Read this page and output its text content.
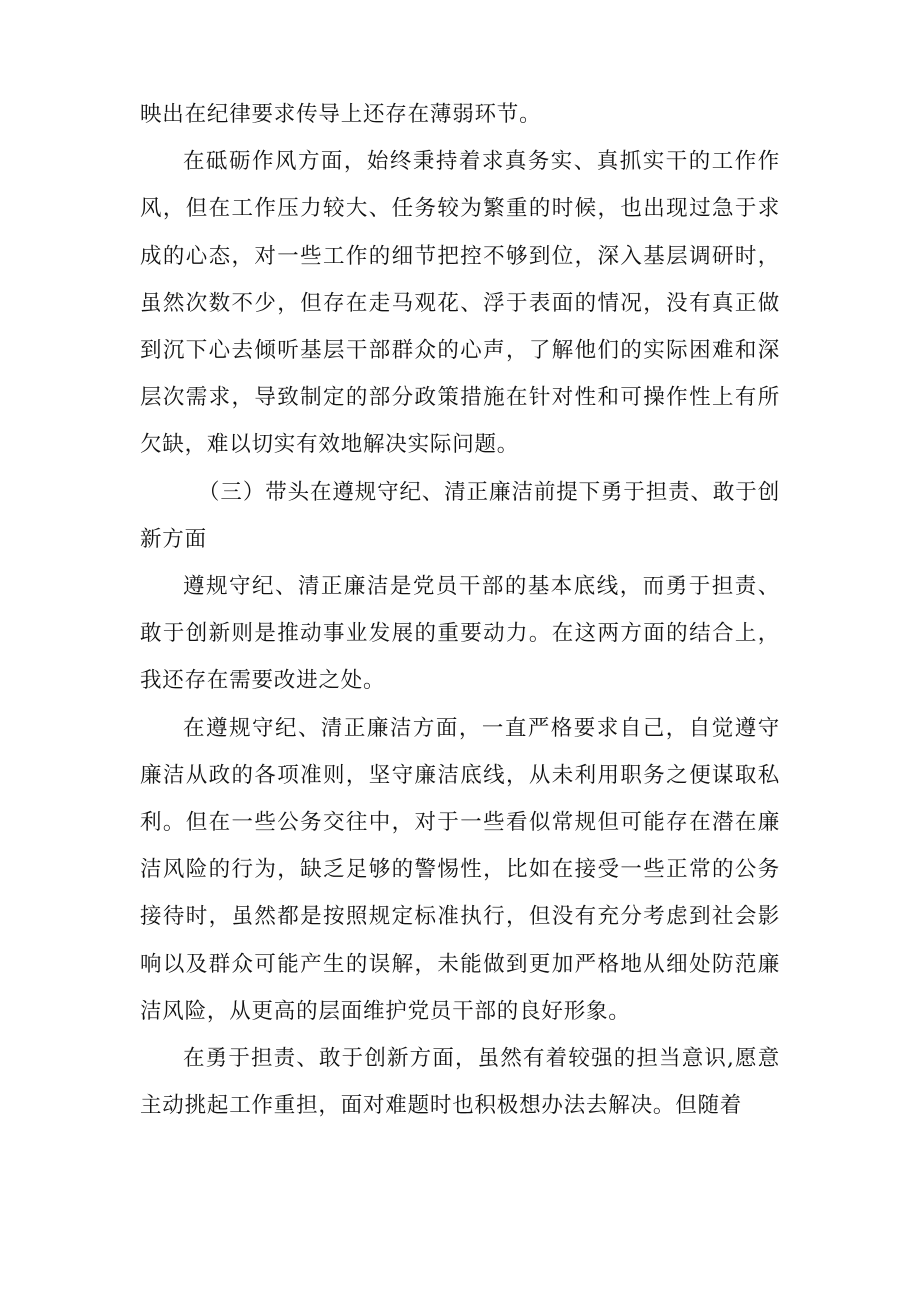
映出在纪律要求传导上还存在薄弱环节。

在砥砺作风方面，始终秉持着求真务实、真抓实干的工作作风，但在工作压力较大、任务较为繁重的时候，也出现过急于求成的心态，对一些工作的细节把控不够到位，深入基层调研时，虽然次数不少，但存在走马观花、浮于表面的情况，没有真正做到沉下心去倾听基层干部群众的心声，了解他们的实际困难和深层次需求，导致制定的部分政策措施在针对性和可操作性上有所欠缺，难以切实有效地解决实际问题。

（三）带头在遵规守纪、清正廉洁前提下勇于担责、敢于创新方面

遵规守纪、清正廉洁是党员干部的基本底线，而勇于担责、敢于创新则是推动事业发展的重要动力。在这两方面的结合上，我还存在需要改进之处。

在遵规守纪、清正廉洁方面，一直严格要求自己，自觉遵守廉洁从政的各项准则，坚守廉洁底线，从未利用职务之便谋取私利。但在一些公务交往中，对于一些看似常规但可能存在潜在廉洁风险的行为，缺乏足够的警惕性，比如在接受一些正常的公务接待时，虽然都是按照规定标准执行，但没有充分考虑到社会影响以及群众可能产生的误解，未能做到更加严格地从细处防范廉洁风险，从更高的层面维护党员干部的良好形象。

在勇于担责、敢于创新方面，虽然有着较强的担当意识,愿意主动挑起工作重担，面对难题时也积极想办法去解决。但随着
